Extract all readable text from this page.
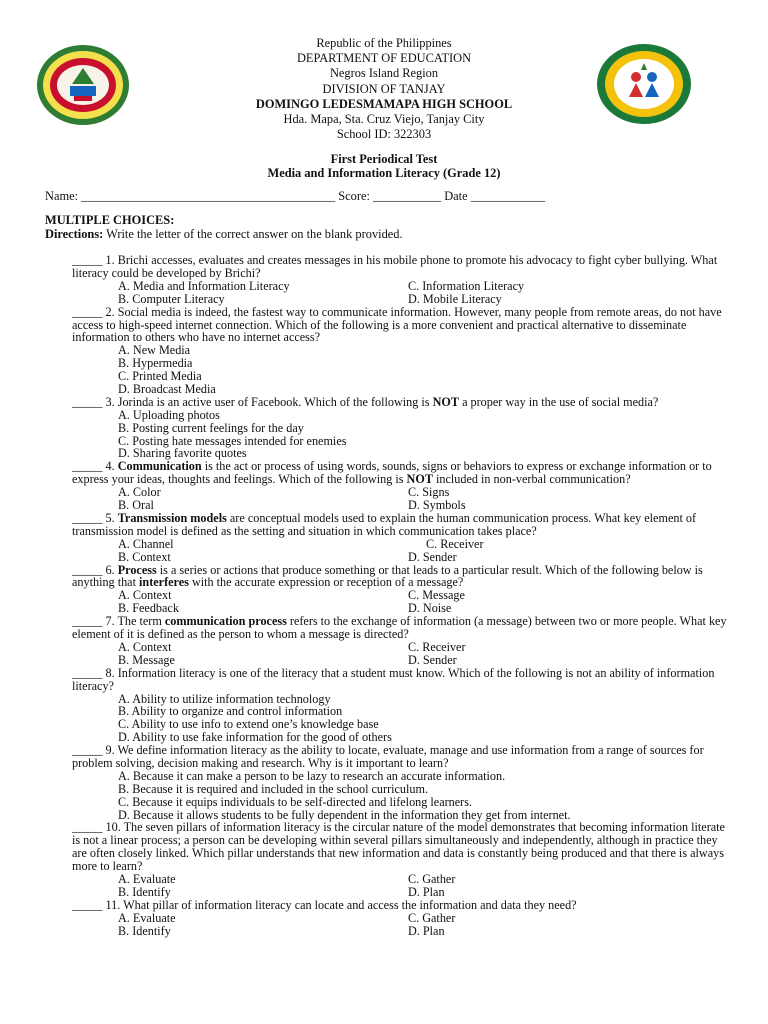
Republic of the Philippines
DEPARTMENT OF EDUCATION
Negros Island Region
DIVISION OF TANJAY
DOMINGO LEDESMAMAPA HIGH SCHOOL
Hda. Mapa, Sta. Cruz Viejo, Tanjay City
School ID: 322303
First Periodical Test
Media and Information Literacy (Grade 12)
Name: _________________________________________ Score: ___________ Date ____________
MULTIPLE CHOICES:
Directions: Write the letter of the correct answer on the blank provided.
_____ 1. Brichi accesses, evaluates and creates messages in his mobile phone to promote his advocacy to fight cyber bullying. What literacy could be developed by Brichi?
A. Media and Information Literacy	C. Information Literacy
B. Computer Literacy	D. Mobile Literacy
_____ 2. Social media is indeed, the fastest way to communicate information. However, many people from remote areas, do not have access to high-speed internet connection. Which of the following is a more convenient and practical alternative to disseminate information to others who have no internet access?
A. New Media
B. Hypermedia
C. Printed Media
D. Broadcast Media
_____ 3. Jorinda is an active user of Facebook. Which of the following is NOT a proper way in the use of social media?
A. Uploading photos
B. Posting current feelings for the day
C. Posting hate messages intended for enemies
D. Sharing favorite quotes
_____ 4. Communication is the act or process of using words, sounds, signs or behaviors to express or exchange information or to express your ideas, thoughts and feelings. Which of the following is NOT included in non-verbal communication?
A. Color	C. Signs
B. Oral	D. Symbols
_____ 5. Transmission models are conceptual models used to explain the human communication process. What key element of transmission model is defined as the setting and situation in which communication takes place?
A. Channel	C. Receiver
B. Context	D. Sender
_____ 6. Process is a series or actions that produce something or that leads to a particular result. Which of the following below is anything that interferes with the accurate expression or reception of a message?
A. Context	C. Message
B. Feedback	D. Noise
_____ 7. The term communication process refers to the exchange of information (a message) between two or more people. What key element of it is defined as the person to whom a message is directed?
A. Context	C. Receiver
B. Message	D. Sender
_____ 8. Information literacy is one of the literacy that a student must know. Which of the following is not an ability of information literacy?
A. Ability to utilize information technology
B. Ability to organize and control information
C. Ability to use info to extend one’s knowledge base
D. Ability to use fake information for the good of others
_____ 9. We define information literacy as the ability to locate, evaluate, manage and use information from a range of sources for problem solving, decision making and research. Why is it important to learn?
A. Because it can make a person to be lazy to research an accurate information.
B. Because it is required and included in the school curriculum.
C. Because it equips individuals to be self-directed and lifelong learners.
D. Because it allows students to be fully dependent in the information they get from internet.
_____ 10. The seven pillars of information literacy is the circular nature of the model demonstrates that becoming information literate is not a linear process; a person can be developing within several pillars simultaneously and independently, although in practice they are often closely linked. Which pillar understands that new information and data is constantly being produced and that there is always more to learn?
A. Evaluate	C. Gather
B. Identify	D. Plan
_____ 11. What pillar of information literacy can locate and access the information and data they need?
A. Evaluate	C. Gather
B. Identify	D. Plan
